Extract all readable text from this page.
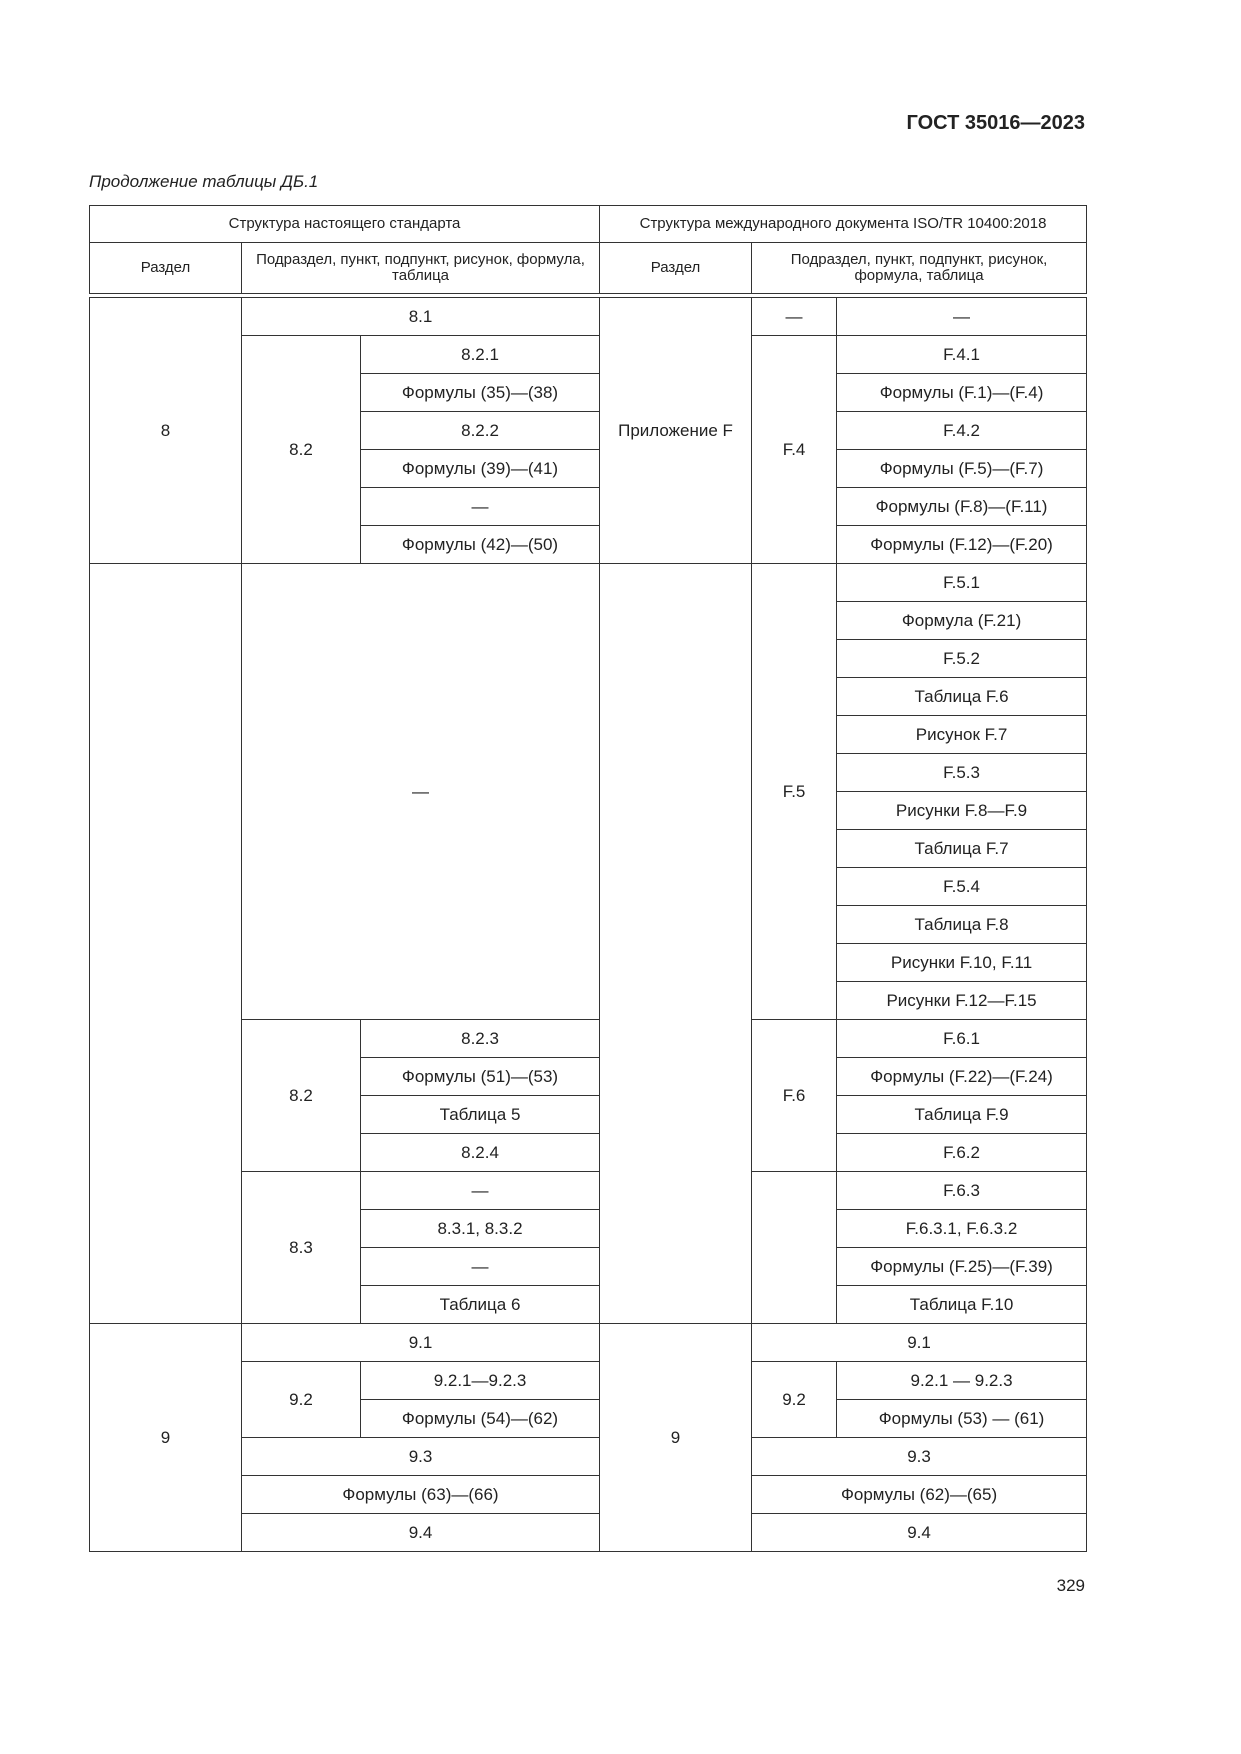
ГОСТ 35016—2023
Продолжение таблицы ДБ.1
Структура настоящего стандарта			Структура международного документа ISO/TR 10400:2018		
Раздел	Подраздел, пункт, подпункт, рисунок, формула, таблица		Раздел	Подраздел, пункт, подпункт, рисунок, формула, таблица	

8	8.1		Приложение F	—	—
	8.2	8.2.1		F.4	F.4.1
		Формулы (35)—(38)			Формулы (F.1)—(F.4)
		8.2.2			F.4.2
		Формулы (39)—(41)			Формулы (F.5)—(F.7)
		—			Формулы (F.8)—(F.11)
		Формулы (42)—(50)			Формулы (F.12)—(F.20)
	—			F.5	F.5.1
					Формула (F.21)
					F.5.2
					Таблица F.6
					Рисунок F.7
					F.5.3
					Рисунки F.8—F.9
					Таблица F.7
					F.5.4
					Таблица F.8
					Рисунки F.10, F.11
					Рисунки F.12—F.15
	8.2	8.2.3		F.6	F.6.1
		Формулы (51)—(53)			Формулы (F.22)—(F.24)
		Таблица 5			Таблица F.9
		8.2.4			F.6.2
	8.3	—			F.6.3
		8.3.1, 8.3.2			F.6.3.1, F.6.3.2
		—			Формулы (F.25)—(F.39)
		Таблица 6			Таблица F.10
9	9.1		9	9.1	
	9.2	9.2.1—9.2.3		9.2	9.2.1 — 9.2.3
		Формулы (54)—(62)			Формулы (53) — (61)
	9.3			9.3	
	Формулы (63)—(66)			Формулы (62)—(65)	
	9.4			9.4	
329
